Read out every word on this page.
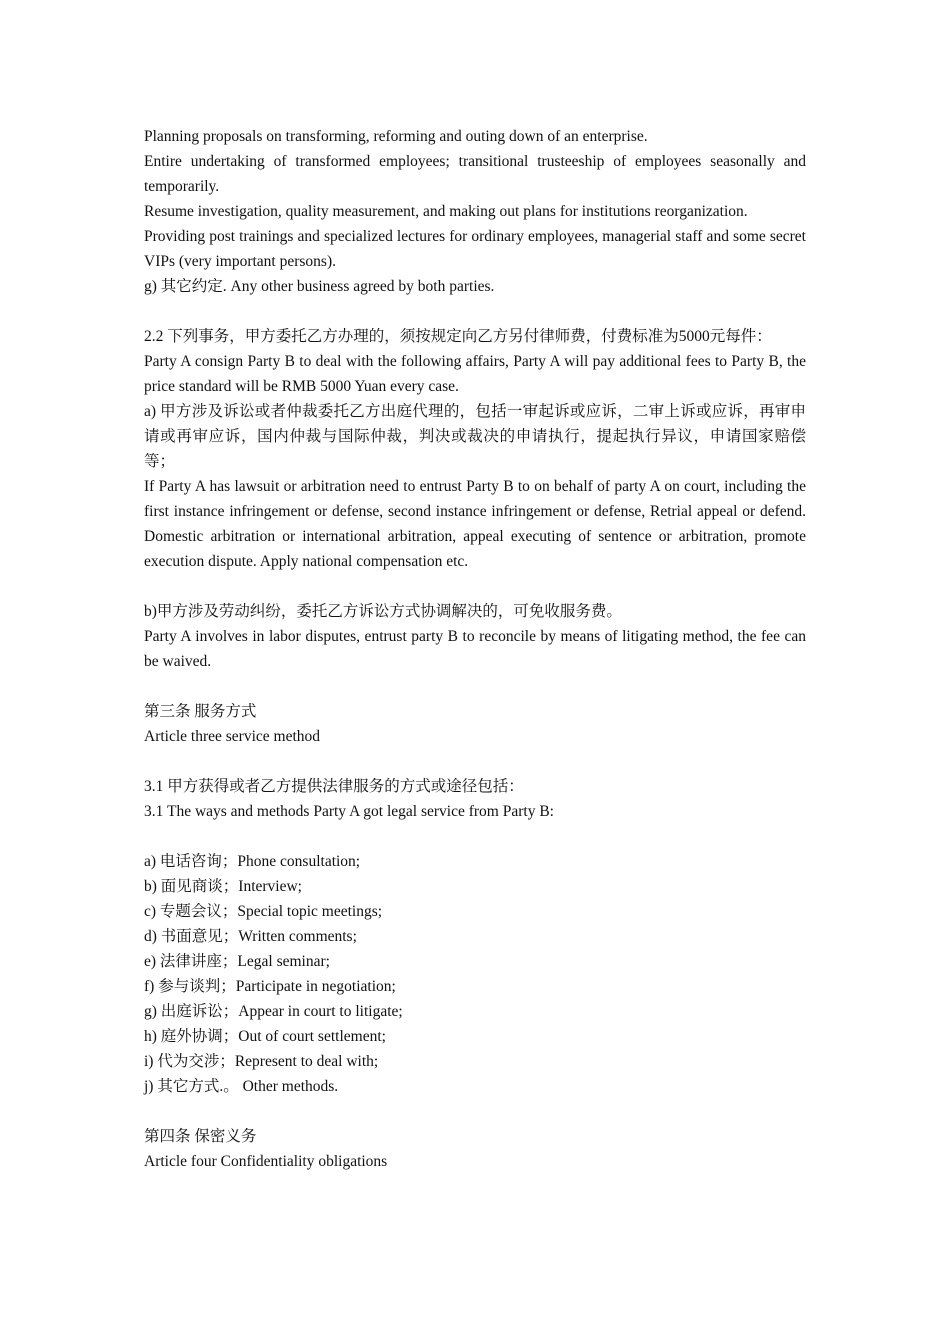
Planning proposals on transforming, reforming and outing down of an enterprise.

Entire undertaking of transformed employees; transitional trusteeship of employees seasonally and temporarily.

Resume investigation, quality measurement, and making out plans for institutions reorganization.

Providing post trainings and specialized lectures for ordinary employees, managerial staff and some secret VIPs (very important persons).

g) 其它约定. Any other business agreed by both parties.

2.2 下列事务，甲方委托乙方办理的，须按规定向乙方另付律师费，付费标准为5000元每件：

Party A consign Party B to deal with the following affairs, Party A will pay additional fees to Party B, the price standard will be RMB 5000 Yuan every case.

a) 甲方涉及诉讼或者仲裁委托乙方出庭代理的，包括一审起诉或应诉，二审上诉或应诉，再审申请或再审应诉，国内仲裁与国际仲裁，判决或裁决的申请执行，提起执行异议，申请国家赔偿等；

If Party A has lawsuit or arbitration need to entrust Party B to on behalf of party A on court, including the first instance infringement or defense, second instance infringement or defense, Retrial appeal or defend. Domestic arbitration or international arbitration, appeal executing of sentence or arbitration, promote execution dispute. Apply national compensation etc.

b)甲方涉及劳动纠纷，委托乙方诉讼方式协调解决的，可免收服务费。

Party A involves in labor disputes, entrust party B to reconcile by means of litigating method, the fee can be waived.

第三条 服务方式

Article three service method

3.1 甲方获得或者乙方提供法律服务的方式或途径包括：

3.1 The ways and methods Party A got legal service from Party B:

a) 电话咨询；Phone consultation;

b) 面见商谈；Interview;

c) 专题会议；Special topic meetings;

d) 书面意见；Written comments;

e) 法律讲座；Legal seminar;

f) 参与谈判；Participate in negotiation;

g) 出庭诉讼；Appear in court to litigate;

h) 庭外协调；Out of court settlement;

i) 代为交涉；Represent to deal with;

j) 其它方式.。 Other methods.

第四条 保密义务

Article four Confidentiality obligations
